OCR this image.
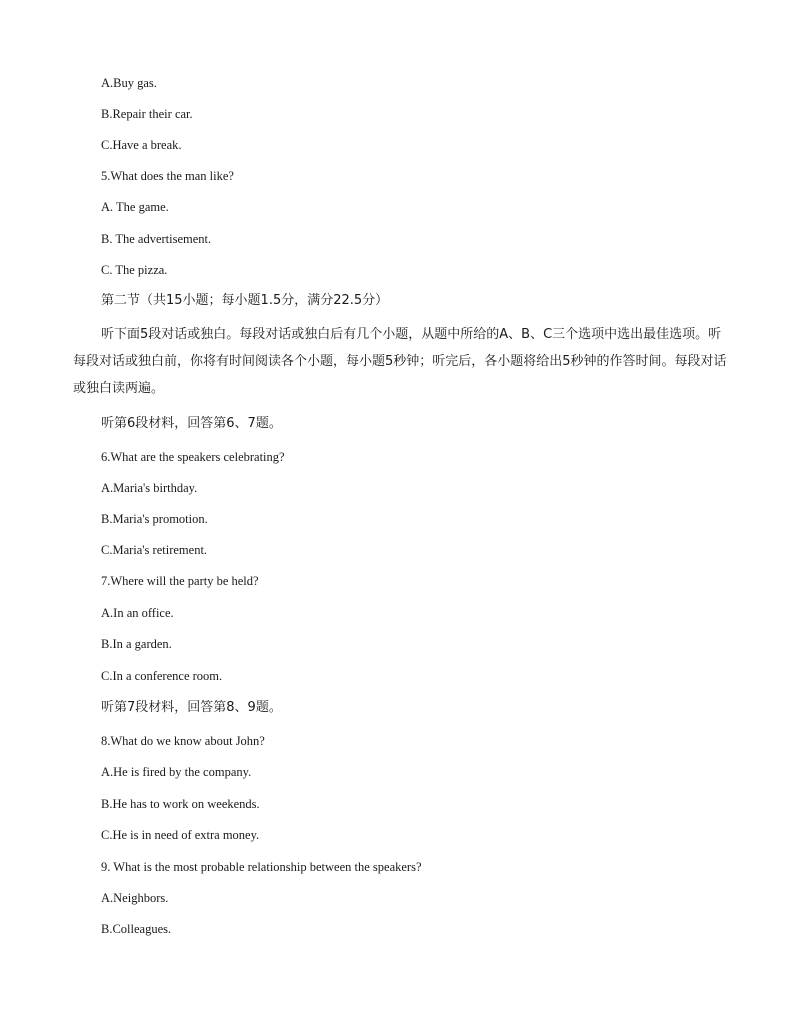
A.Buy gas.
B.Repair their car.
C.Have a break.
5.What does the man like?
A. The game.
B. The advertisement.
C. The pizza.
第二节（共15小题；每小题1.5分，满分22.5分）
听下面5段对话或独白。每段对话或独白后有几个小题，从题中所给的A、B、C三个选项中选出最佳选项。听每段对话或独白前，你将有时间阅读各个小题，每小题5秒钟；听完后，各小题将给出5秒钟的作答时间。每段对话或独白读两遍。
听第6段材料，回答第6、7题。
6.What are the speakers celebrating?
A.Maria's birthday.
B.Maria's promotion.
C.Maria's retirement.
7.Where will the party be held?
A.In an office.
B.In a garden.
C.In a conference room.
听第7段材料，回答第8、9题。
8.What do we know about John?
A.He is fired by the company.
B.He has to work on weekends.
C.He is in need of extra money.
9. What is the most probable relationship between the speakers?
A.Neighbors.
B.Colleagues.
